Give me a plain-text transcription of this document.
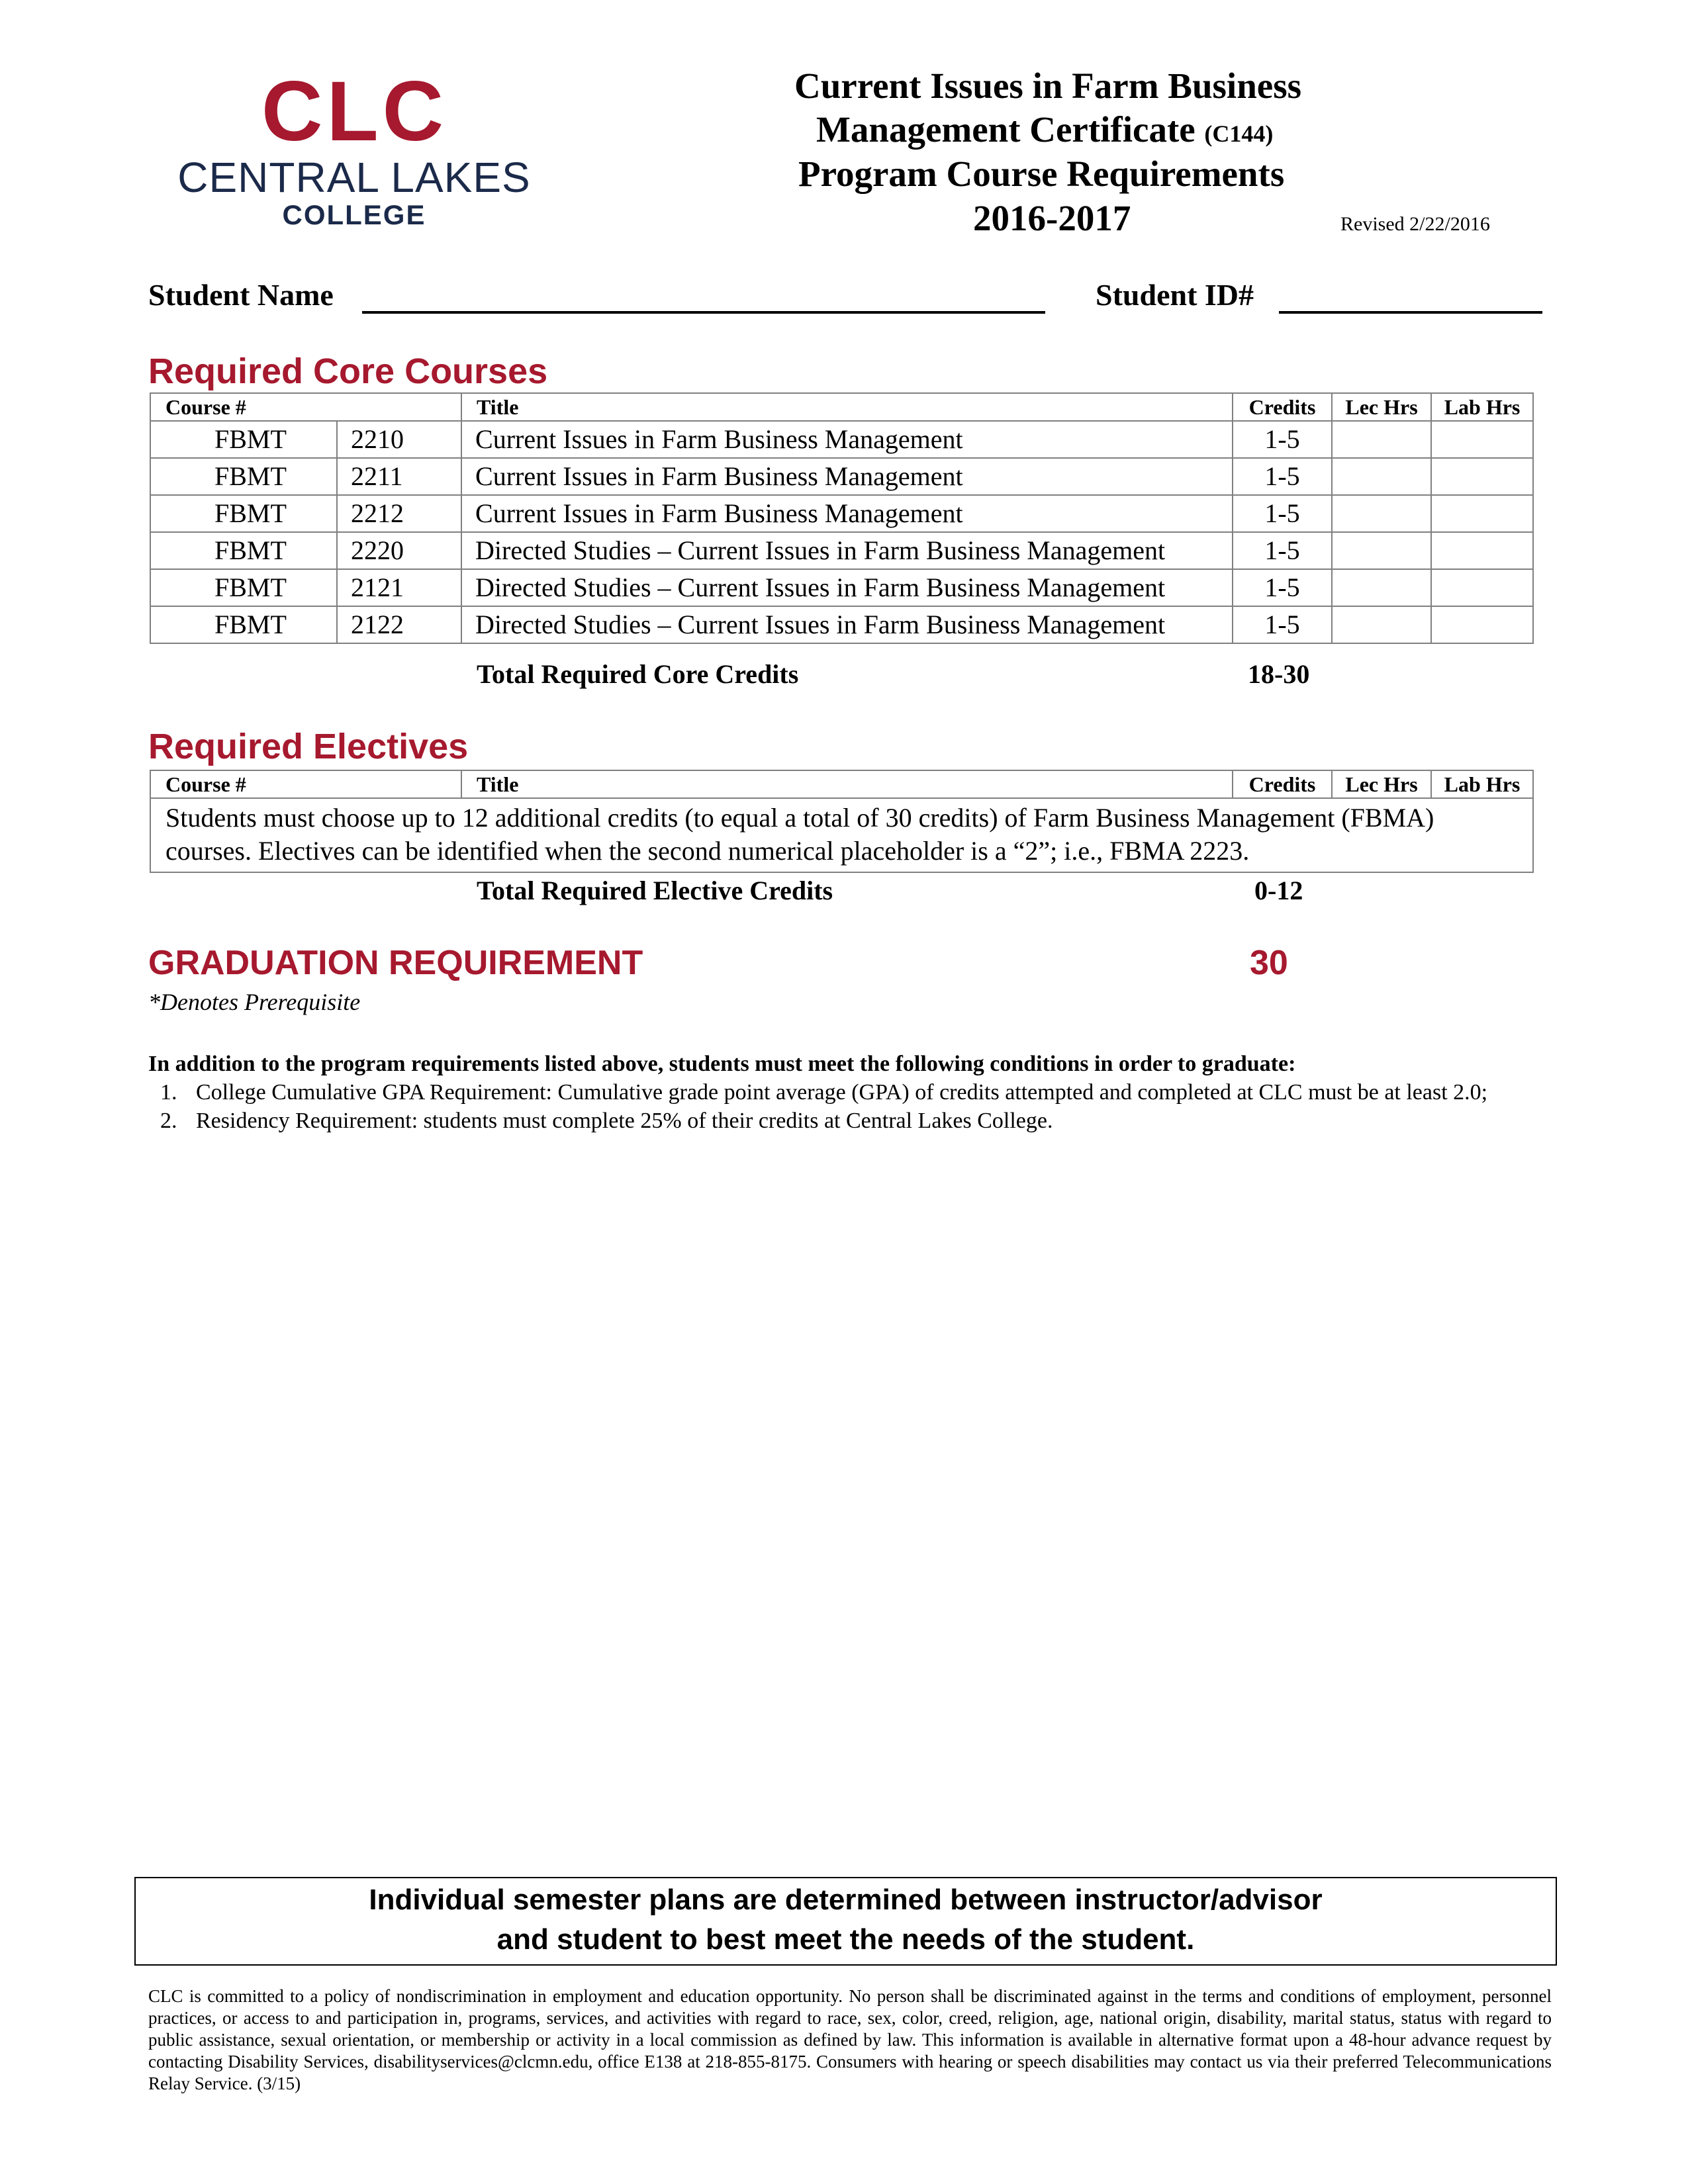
CLC
CENTRAL LAKES
COLLEGE
Current Issues in Farm Business
Management Certificate (C144)
Program Course Requirements
2016-2017	Revised 2/22/2016
Student Name	Student ID#
Required Core Courses
Course #			Title	Credits	Lec Hrs	Lab Hrs
	FBMT	2210	Current Issues in Farm Business Management	1-5		
	FBMT	2211	Current Issues in Farm Business Management	1-5		
	FBMT	2212	Current Issues in Farm Business Management	1-5		
	FBMT	2220	Directed Studies – Current Issues in Farm Business Management	1-5		
	FBMT	2121	Directed Studies – Current Issues in Farm Business Management	1-5		
	FBMT	2122	Directed Studies – Current Issues in Farm Business Management	1-5		
Total Required Core Credits	18-30
Required Electives
Course #	Title	Credits	Lec Hrs	Lab Hrs
Students must choose up to 12 additional credits (to equal a total of 30 credits) of Farm Business Management (FBMA) courses. Electives can be identified when the second numerical placeholder is a “2”; i.e., FBMA 2223.
Total Required Elective Credits	0-12
GRADUATION REQUIREMENT	30
*Denotes Prerequisite
In addition to the program requirements listed above, students must meet the following conditions in order to graduate:
1. College Cumulative GPA Requirement: Cumulative grade point average (GPA) of credits attempted and completed at CLC must be at least 2.0;
2. Residency Requirement: students must complete 25% of their credits at Central Lakes College.
Individual semester plans are determined between instructor/advisor
and student to best meet the needs of the student.
CLC is committed to a policy of nondiscrimination in employment and education opportunity. No person shall be discriminated against in the terms and conditions of employment, personnel practices, or access to and participation in, programs, services, and activities with regard to race, sex, color, creed, religion, age, national origin, disability, marital status, status with regard to public assistance, sexual orientation, or membership or activity in a local commission as defined by law. This information is available in alternative format upon a 48-hour advance request by contacting Disability Services, disabilityservices@clcmn.edu, office E138 at 218-855-8175. Consumers with hearing or speech disabilities may contact us via their preferred Telecommunications Relay Service. (3/15)
